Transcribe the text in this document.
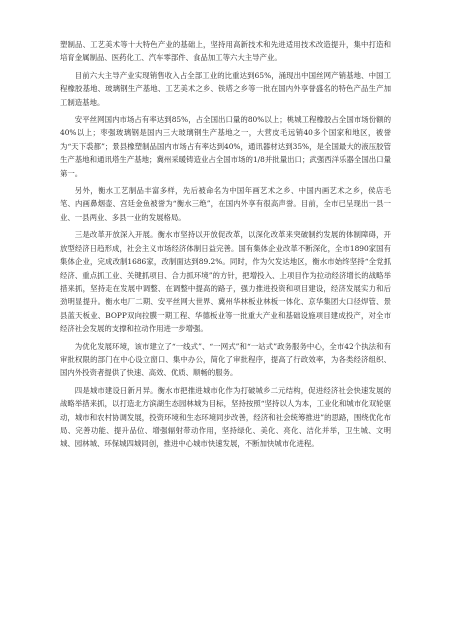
塑制品、工艺美术等十大特色产业的基础上，坚持用高新技术和先进适用技术改造提升，集中打造和培育金属制品、医药化工、汽车零部件、食品加工等六大主导产业。

目前六大主导产业实现销售收入占全部工业的比重达到65%，涌现出中国丝网产销基地、中国工程橡胶基地、玻璃钢生产基地、工艺美术之乡、铁塔之乡等一批在国内外享誉盛名的特色产品生产加工制造基地。

安平丝网国内市场占有率达到85%，占全国出口量的80%以上；桃城工程橡胶占全国市场份额的40%以上；枣强玻璃钢是国内三大玻璃钢生产基地之一，大营皮毛远销40多个国家和地区，被誉为“天下裘都”；景县橡塑制品国内市场占有率达到40%，通讯器材达到35%，是全国最大的液压胶管生产基地和通讯塔生产基地；冀州采暖铸造业占全国市场的1/8并批量出口；武强西洋乐器全国出口量第一。

另外，衡水工艺制品丰富多样，先后被命名为中国年画艺术之乡、中国内画艺术之乡，侯店毛笔、内画鼻烟壶、宫廷金鱼被誉为“衡水三绝”，在国内外享有很高声誉。目前，全市已呈现出一县一业、一县两业、多县一业的发展格局。

三是改革开放深入开展。衡水市坚持以开放促改革，以深化改革来突破制约发展的体制障碍，开放型经济日趋形成，社会主义市场经济体制日益完善。国有集体企业改革不断深化，全市1890家国有集体企业，完成改制1686家，改制面达到89.2%。同时，作为欠发达地区，衡水市始终坚持“全党抓经济、重点抓工业、关键抓项目、合力抓环境”的方针，把增投入、上项目作为拉动经济增长的战略举措来抓，坚持走在发展中调整、在调整中提高的路子，强力推进投资和项目建设，经济发展实力和后劲明显提升。衡水电厂二期、安平丝网大世界、冀州华林板业林板一体化、京华集团大口径焊管、景县蓝天板业、BOPP双向拉膜一期工程、华德板业等一批重大产业和基础设施项目建成投产，对全市经济社会发展的支撑和拉动作用进一步增强。

为优化发展环境，该市建立了“一线式”、“一网式”和“一站式”政务服务中心，全市42个执法和有审批权限的部门在中心设立窗口、集中办公，简化了审批程序，提高了行政效率，为各类经济组织、国内外投资者提供了快速、高效、优质、顺畅的服务。

四是城市建设日新月异。衡水市把推进城市化作为打破城乡二元结构，促进经济社会快速发展的战略举措来抓，以打造北方滨湖生态园林城为目标，坚持按照“坚持以人为本，工业化和城市化双轮驱动，城市和农村协调发展，投资环境和生态环境同步改善，经济和社会统筹推进”的思路，围绕优化布局、完善功能、提升品位、增强辐射带动作用，坚持绿化、美化、亮化、洁化并举，卫生城、文明城、园林城、环保城四城同创，推进中心城市快速发展，不断加快城市化进程。
